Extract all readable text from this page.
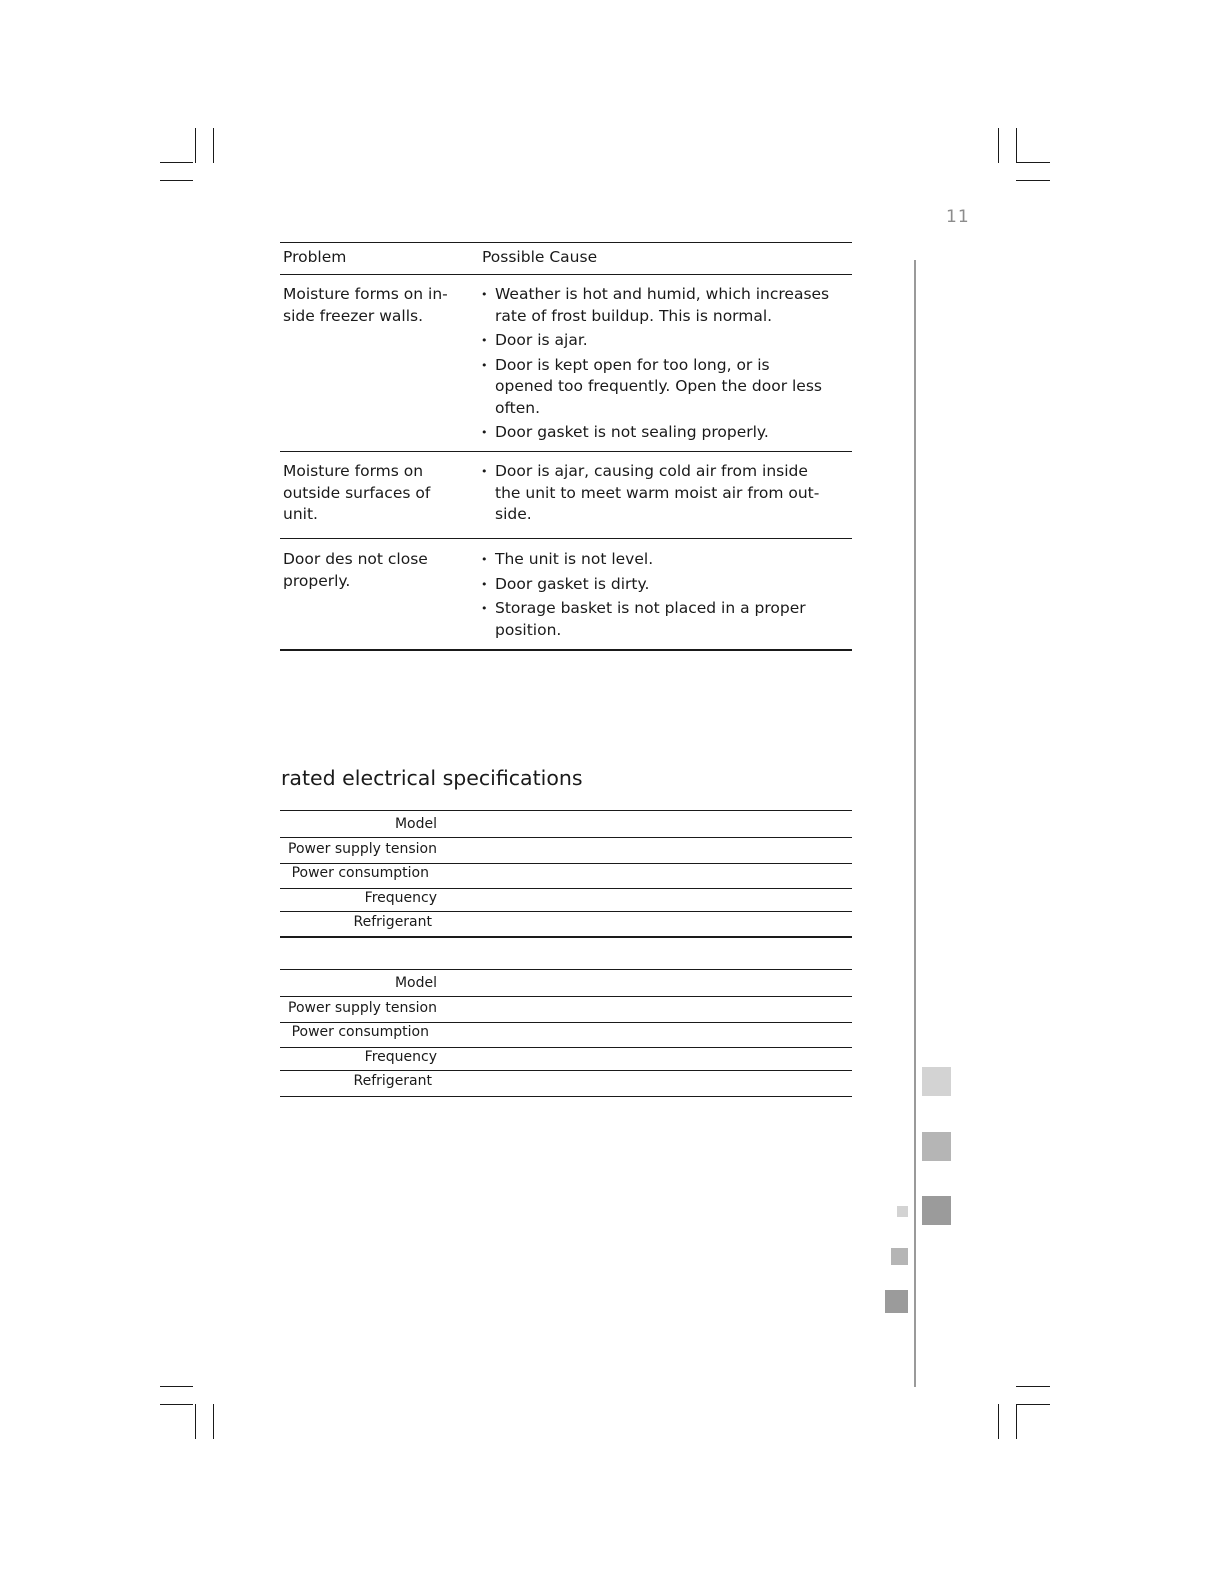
11
Problem	Possible Cause
Moisture forms on in-
side freezer walls.
• Weather is hot and humid, which increases
rate of frost buildup. This is normal.
• Door is ajar.
• Door is kept open for too long, or is
opened too frequently. Open the door less
often.
• Door gasket is not sealing properly.
Moisture forms on
outside surfaces of
unit.
• Door is ajar, causing cold air from inside
the unit to meet warm moist air from out-
side.
Door des not close
properly.
• The unit is not level.
• Door gasket is dirty.
• Storage basket is not placed in a proper
position.
rated electrical specifications
Model
Power supply tension
Power consumption
Frequency
Refrigerant
Model
Power supply tension
Power consumption
Frequency
Refrigerant
